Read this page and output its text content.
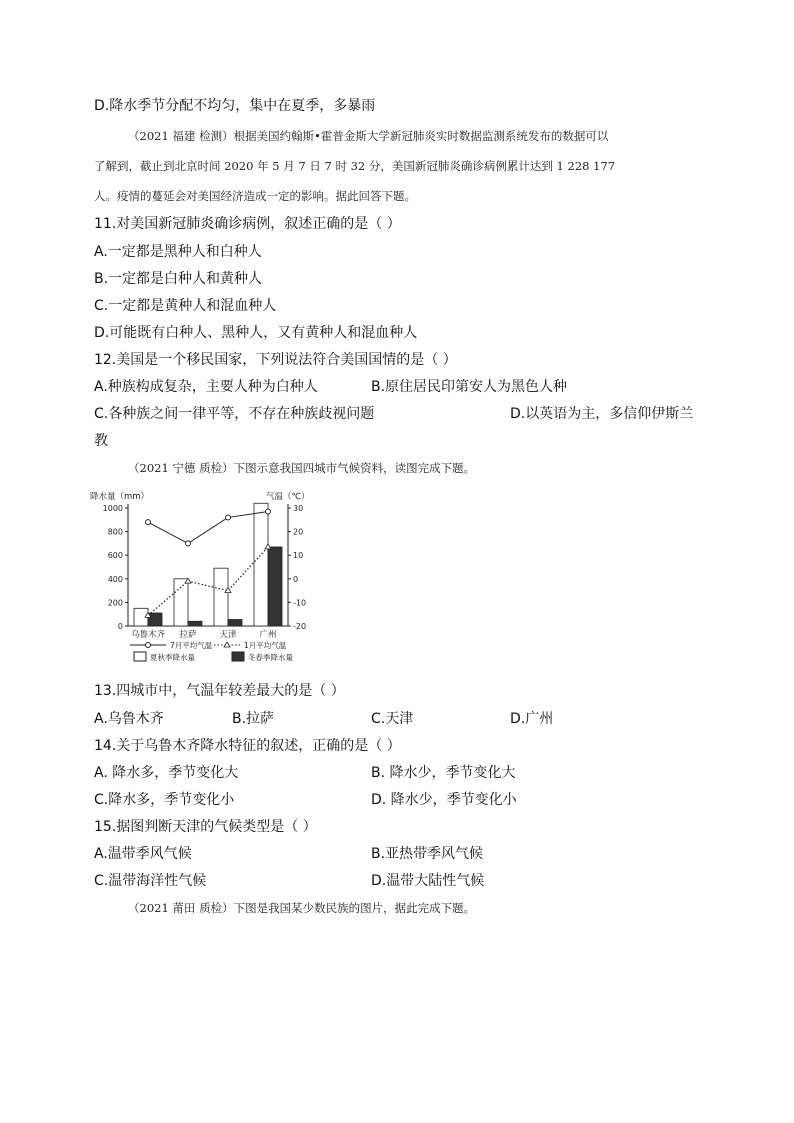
D.降水季节分配不均匀，集中在夏季，多暴雨
（2021 福建 检测）根据美国约翰斯•霍普金斯大学新冠肺炎实时数据监测系统发布的数据可以
了解到，截止到北京时间 2020 年 5 月 7 日 7 时 32 分，美国新冠肺炎确诊病例累计达到 1 228 177
人。疫情的蔓延会对美国经济造成一定的影响。据此回答下题。
11.对美国新冠肺炎确诊病例，叙述正确的是（ ）
A.一定都是黑种人和白种人
B.一定都是白种人和黄种人
C.一定都是黄种人和混血种人
D.可能既有白种人、黑种人，又有黄种人和混血种人
12.美国是一个移民国家，下列说法符合美国国情的是（ ）
A.种族构成复杂，主要人种为白种人	B.原住居民印第安人为黑色人种
C.各种族之间一律平等，不存在种族歧视问题	D.以英语为主，多信仰伊斯兰
教
（2021 宁德 质检）下图示意我国四城市气候资料，读图完成下题。
降水量（mm）	气温（℃）
0
200
400
600
800
1000
-20
-10
0
10
20
30
乌鲁木齐 拉萨	天津	广州
7月平均气温	1月平均气温
夏秋季降水量	冬春季降水量
13.四城市中，气温年较差最大的是（ ）
A.乌鲁木齐	B.拉萨	C.天津	D.广州
14.关于乌鲁木齐降水特征的叙述，正确的是（ ）
A. 降水多，季节变化大	B. 降水少，季节变化大
C.降水多，季节变化小	D. 降水少，季节变化小
15.据图判断天津的气候类型是（ ）
A.温带季风气候	B.亚热带季风气候
C.温带海洋性气候	D.温带大陆性气候
（2021 莆田 质检）下图是我国某少数民族的图片，据此完成下题。
